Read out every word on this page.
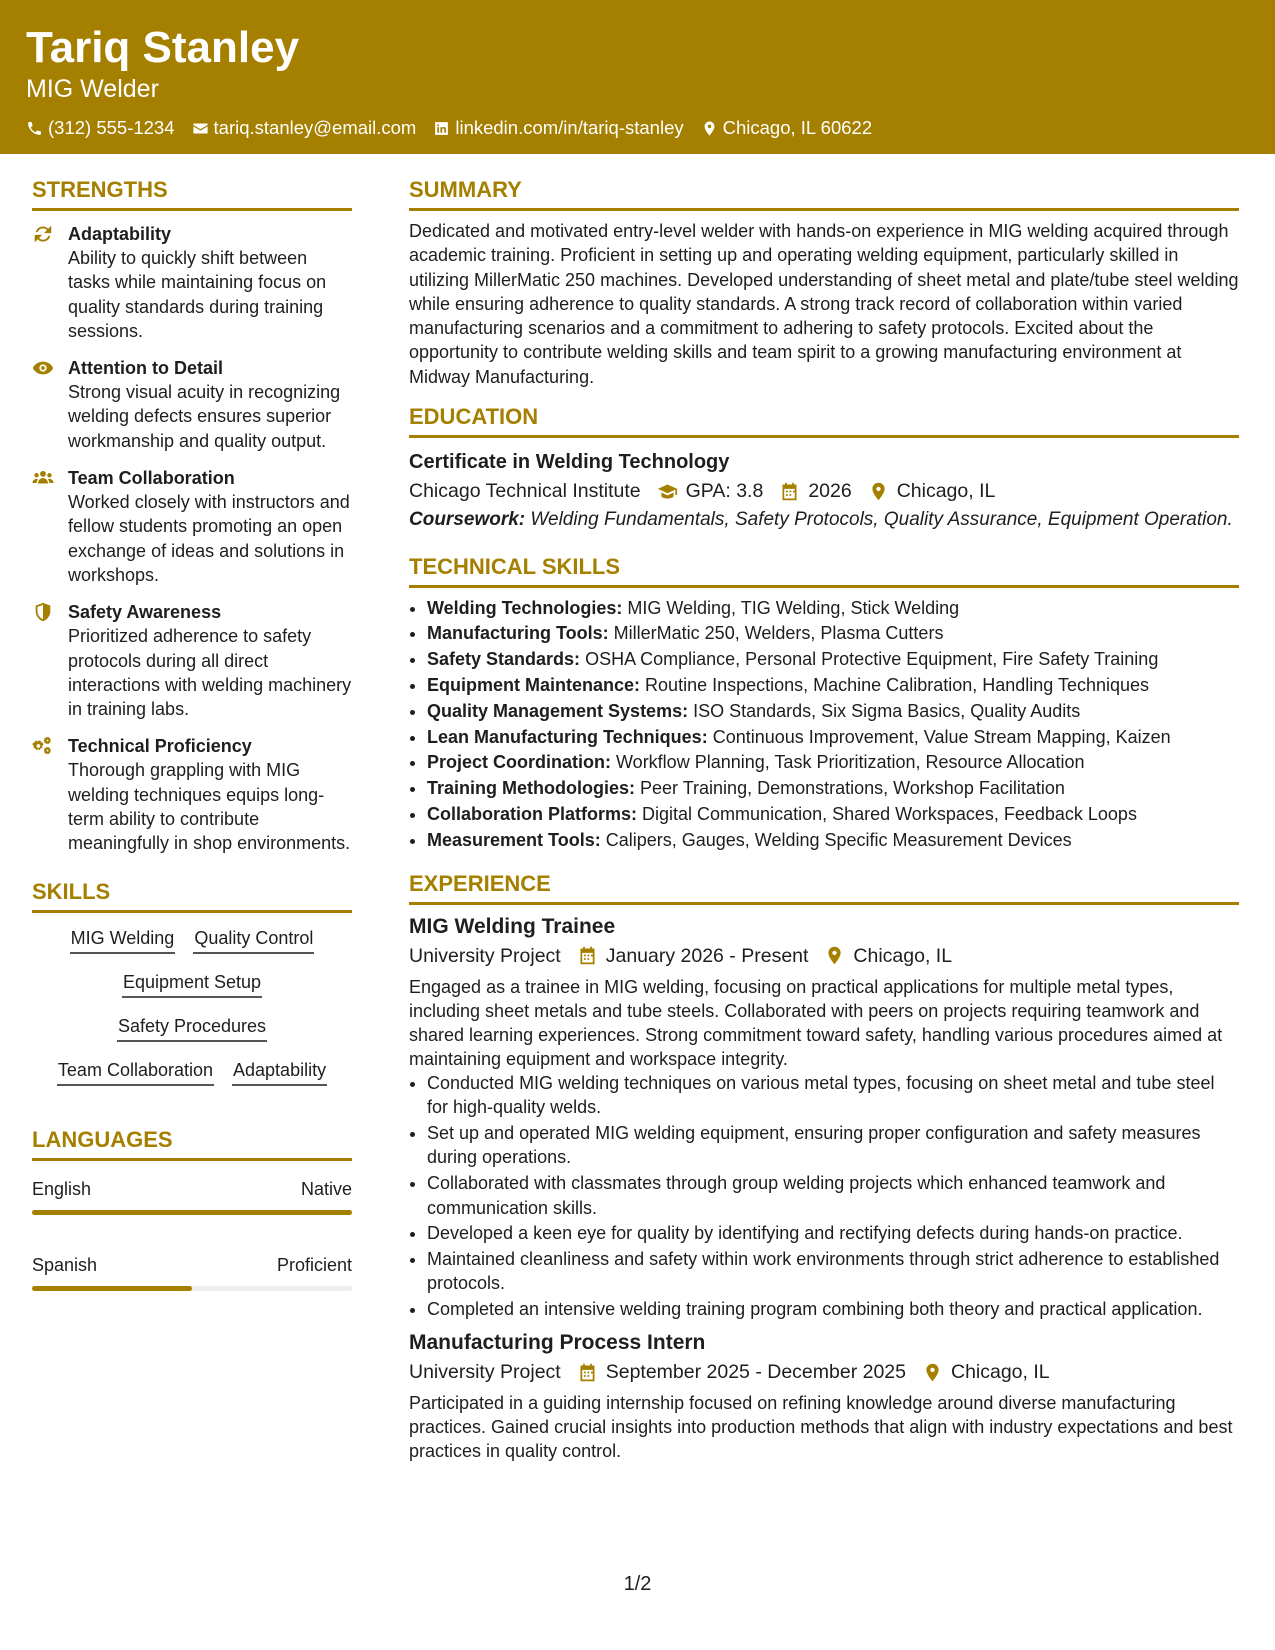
Tariq Stanley
MIG Welder
(312) 555-1234 tariq.stanley@email.com linkedin.com/in/tariq-stanley Chicago, IL 60622
STRENGTHS
Adaptability
Ability to quickly shift between tasks while maintaining focus on quality standards during training sessions.
Attention to Detail
Strong visual acuity in recognizing welding defects ensures superior workmanship and quality output.
Team Collaboration
Worked closely with instructors and fellow students promoting an open exchange of ideas and solutions in workshops.
Safety Awareness
Prioritized adherence to safety protocols during all direct interactions with welding machinery in training labs.
Technical Proficiency
Thorough grappling with MIG welding techniques equips long-term ability to contribute meaningfully in shop environments.
SKILLS
MIG Welding Quality Control
Equipment Setup
Safety Procedures
Team Collaboration Adaptability
LANGUAGES
English	Native
Spanish	Proficient
SUMMARY
Dedicated and motivated entry-level welder with hands-on experience in MIG welding acquired through academic training. Proficient in setting up and operating welding equipment, particularly skilled in utilizing MillerMatic 250 machines. Developed understanding of sheet metal and plate/tube steel welding while ensuring adherence to quality standards. A strong track record of collaboration within varied manufacturing scenarios and a commitment to adhering to safety protocols. Excited about the opportunity to contribute welding skills and team spirit to a growing manufacturing environment at Midway Manufacturing.
EDUCATION
Certificate in Welding Technology
Chicago Technical Institute GPA: 3.8 2026 Chicago, IL
Coursework: Welding Fundamentals, Safety Protocols, Quality Assurance, Equipment Operation.
TECHNICAL SKILLS
• Welding Technologies: MIG Welding, TIG Welding, Stick Welding
• Manufacturing Tools: MillerMatic 250, Welders, Plasma Cutters
• Safety Standards: OSHA Compliance, Personal Protective Equipment, Fire Safety Training
• Equipment Maintenance: Routine Inspections, Machine Calibration, Handling Techniques
• Quality Management Systems: ISO Standards, Six Sigma Basics, Quality Audits
• Lean Manufacturing Techniques: Continuous Improvement, Value Stream Mapping, Kaizen
• Project Coordination: Workflow Planning, Task Prioritization, Resource Allocation
• Training Methodologies: Peer Training, Demonstrations, Workshop Facilitation
• Collaboration Platforms: Digital Communication, Shared Workspaces, Feedback Loops
• Measurement Tools: Calipers, Gauges, Welding Specific Measurement Devices
EXPERIENCE
MIG Welding Trainee
University Project January 2026 - Present Chicago, IL
Engaged as a trainee in MIG welding, focusing on practical applications for multiple metal types, including sheet metals and tube steels. Collaborated with peers on projects requiring teamwork and shared learning experiences. Strong commitment toward safety, handling various procedures aimed at maintaining equipment and workspace integrity.
• Conducted MIG welding techniques on various metal types, focusing on sheet metal and tube steel for high-quality welds.
• Set up and operated MIG welding equipment, ensuring proper configuration and safety measures during operations.
• Collaborated with classmates through group welding projects which enhanced teamwork and communication skills.
• Developed a keen eye for quality by identifying and rectifying defects during hands-on practice.
• Maintained cleanliness and safety within work environments through strict adherence to established protocols.
• Completed an intensive welding training program combining both theory and practical application.
Manufacturing Process Intern
University Project September 2025 - December 2025 Chicago, IL
Participated in a guiding internship focused on refining knowledge around diverse manufacturing practices. Gained crucial insights into production methods that align with industry expectations and best practices in quality control.
1/2
